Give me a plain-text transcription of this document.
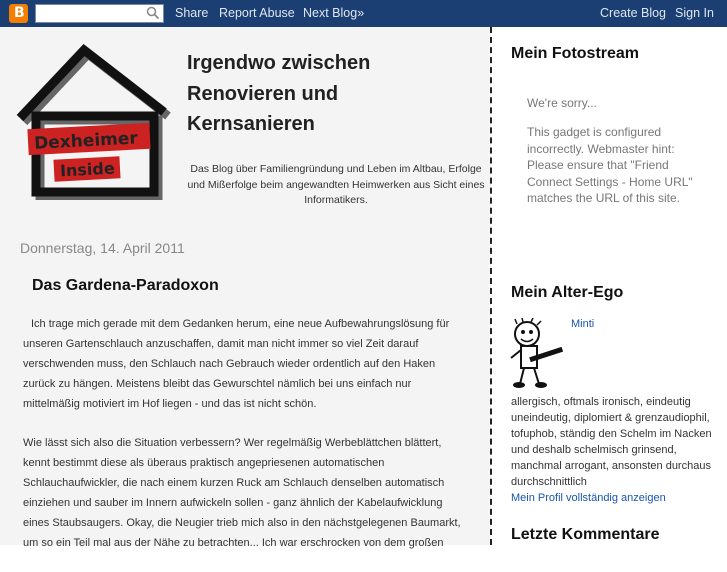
B	Share Report Abuse Next Blog»	Create Blog Sign In
Dexheimer
Inside
Irgendwo zwischen Renovieren und Kernsanieren
Das Blog über Familiengründung und Leben im Altbau, Erfolge und Mißerfolge beim angewandten Heimwerken aus Sicht eines Informatikers.
Donnerstag, 14. April 2011
Das Gardena-Paradoxon

Ich trage mich gerade mit dem Gedanken herum, eine neue Aufbewahrungslösung für unseren Gartenschlauch anzuschaffen, damit man nicht immer so viel Zeit darauf verschwenden muss, den Schlauch nach Gebrauch wieder ordentlich auf den Haken zurück zu hängen. Meistens bleibt das Gewurschtel nämlich bei uns einfach nur mittelmäßig motiviert im Hof liegen - und das ist nicht schön.

Wie lässt sich also die Situation verbessern? Wer regelmäßig Werbeblättchen blättert, kennt bestimmt diese als überaus praktisch angepriesenen automatischen Schlauchaufwickler, die nach einem kurzen Ruck am Schlauch denselben automatisch einziehen und sauber im Innern aufwickeln sollen - ganz ähnlich der Kabelaufwicklung eines Staubsaugers. Okay, die Neugier trieb mich also in den nächstgelegenen Baumarkt, um so ein Teil mal aus der Nähe zu betrachten... Ich war erschrocken von dem großen

Mein Fotostream
We're sorry...
This gadget is configured incorrectly. Webmaster hint: Please ensure that "Friend Connect Settings - Home URL" matches the URL of this site.
Mein Alter-Ego
Minti
allergisch, oftmals ironisch, eindeutig uneindeutig, diplomiert & grenzaudiophil, tofuphob, ständig den Schelm im Nacken und deshalb schelmisch grinsend, manchmal arrogant, ansonsten durchaus durchschnittlich
Mein Profil vollständig anzeigen
Letzte Kommentare
